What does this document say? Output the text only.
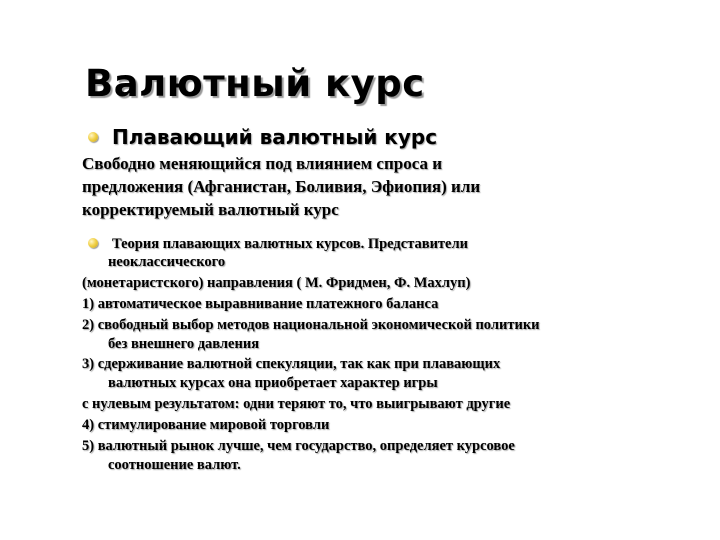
Валютный курс
Плавающий валютный курс
Свободно меняющийся под влиянием спроса и
предложения (Афганистан, Боливия, Эфиопия) или
корректируемый валютный курс
Теория плавающих валютных курсов. Представители
неоклассического
(монетаристского) направления ( М. Фридмен, Ф. Махлуп)
1) автоматическое выравнивание платежного баланса
2) свободный выбор методов национальной экономической политики
без внешнего давления
3) сдерживание валютной спекуляции, так как при плавающих
валютных курсах она приобретает характер игры
с нулевым результатом: одни теряют то, что выигрывают другие
4) стимулирование мировой торговли
5) валютный рынок лучше, чем государство, определяет курсовое
соотношение валют.
